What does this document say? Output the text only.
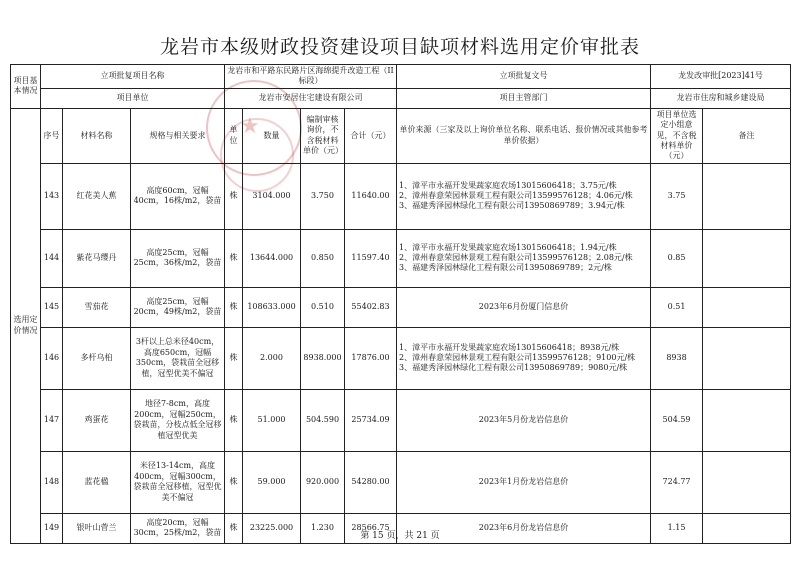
龙岩市本级财政投资建设项目缺项材料选用定价审批表
★
项目基本情况	立项批复项目名称			龙岩市和平路东民路片区海绵提升改造工程（II标段）				立项批复文号	龙发改审批[2023]41号	
	项目单位			龙岩市安居住宅建设有限公司				项目主管部门	龙岩市住房和城乡建设局	
选用定价情况	序号	材料名称	规格与相关要求	单位	数量	编制审核询价，不含税材料单价（元）	合计（元）	单价来源（三家及以上询价单位名称、联系电话、报价情况或其他参考单价依据）	项目单位选定小组意见，不含税材料单价（元）	备注
	143	红花美人蕉	高度60cm，冠幅40cm，16株/m2，袋苗	株	3104.000	3.750	11640.00	1、漳平市永福开发果蔬家庭农场13015606418；3.75元/株
2、漳州春意荣园林景观工程有限公司13599576128；4.06元/株
3、福建秀泽园林绿化工程有限公司13950869789；3.94元/株	3.75	
	144	紫花马缨丹	高度25cm，冠幅25cm，36株/m2，袋苗	株	13644.000	0.850	11597.40	1、漳平市永福开发果蔬家庭农场13015606418；1.94元/株
2、漳州春意荣园林景观工程有限公司13599576128；2.08元/株
3、福建秀泽园林绿化工程有限公司13950869789；2元/株	0.85	
	145	雪茄花	高度25cm，冠幅20cm，49株/m2，袋苗	株	108633.000	0.510	55402.83	2023年6月份厦门信息价	0.51	
	146	多杆乌桕	3杆以上总米径40cm，高度650cm，冠幅350cm，袋栽苗全冠移植，冠型优美不偏冠	株	2.000	8938.000	17876.00	1、漳平市永福开发果蔬家庭农场13015606418；8938元/株
2、漳州春意荣园林景观工程有限公司13599576128；9100元/株
3、福建秀泽园林绿化工程有限公司13950869789；9080元/株	8938	
	147	鸡蛋花	地径7-8cm，高度200cm，冠幅250cm，袋栽苗，分枝点低全冠移植冠型优美	株	51.000	504.590	25734.09	2023年5月份龙岩信息价	504.59	
	148	蓝花楹	米径13-14cm，高度400cm，冠幅300cm，袋栽苗全冠移植，冠型优美不偏冠	株	59.000	920.000	54280.00	2023年1月份龙岩信息价	724.77	
	149	银叶山菅兰	高度20cm，冠幅30cm，25株/m2，袋苗	株	23225.000	1.230	28566.75	2023年6月份龙岩信息价	1.15	
第 15 页，共 21 页
